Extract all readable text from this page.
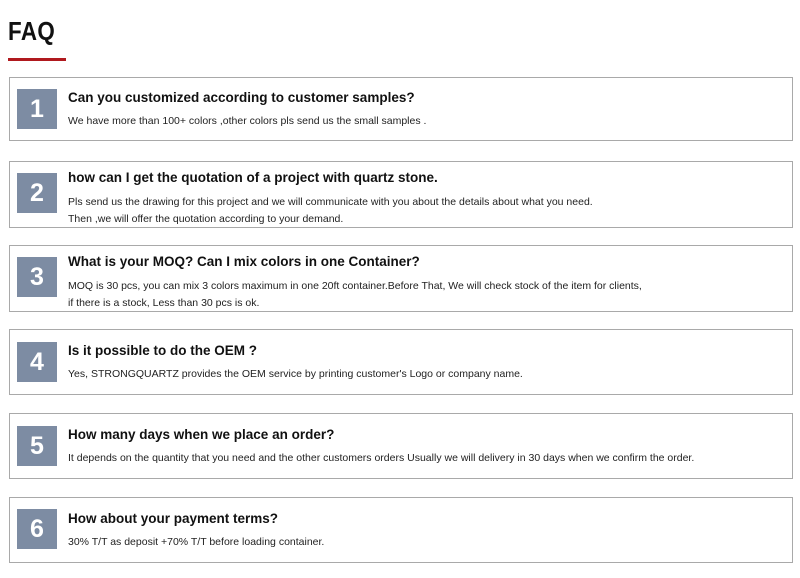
FAQ
1	Can you customized according to customer samples?
We have more than 100+ colors ,other colors pls send us the small samples .
2
how can I get the quotation of a project with quartz stone.
Pls send us the drawing for this project and we will communicate with you about the details about what you need.
Then ,we will offer the quotation according to your demand.
3
What is your MOQ? Can I mix colors in one Container?
MOQ is 30 pcs, you can mix 3 colors maximum in one 20ft container.Before That, We will check stock of the item for clients,
if there is a stock, Less than 30 pcs is ok.
4	Is it possible to do the OEM ?
Yes, STRONGQUARTZ provides the OEM service by printing customer's Logo or company name.
5	How many days when we place an order?
It depends on the quantity that you need and the other customers orders Usually we will delivery in 30 days when we confirm the order.
6	How about your payment terms?
30% T/T as deposit +70% T/T before loading container.
